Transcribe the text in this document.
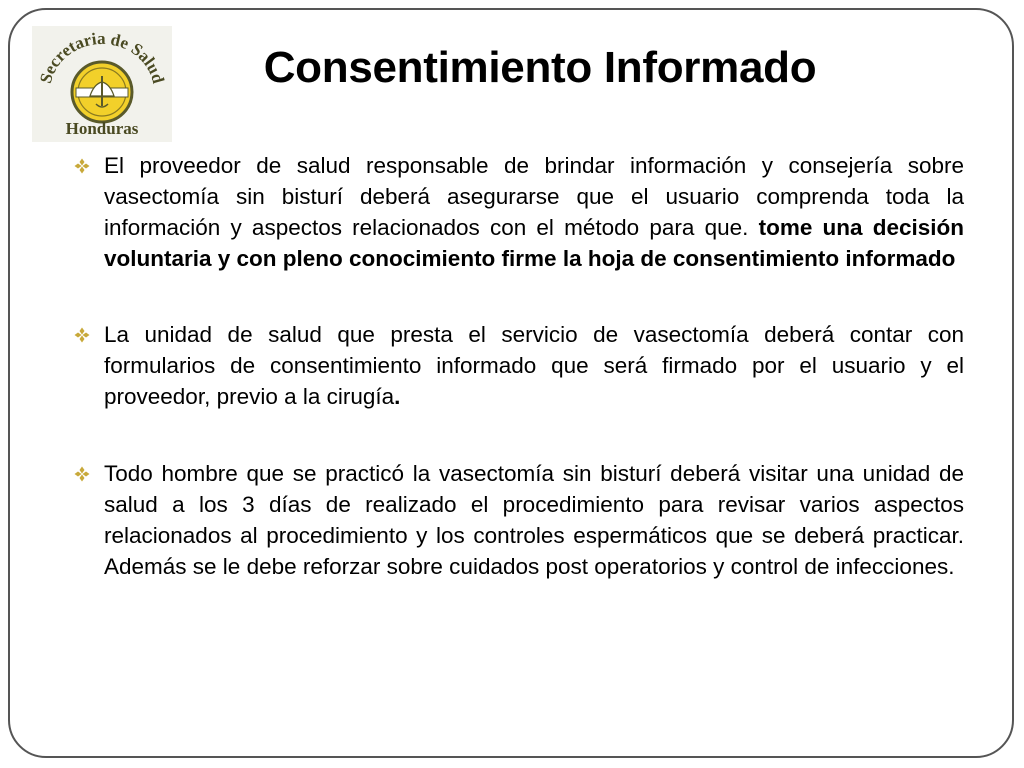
Secretaria de Salud
Honduras
Consentimiento Informado
El proveedor de salud responsable de brindar información y consejería sobre vasectomía sin bisturí deberá asegurarse que el usuario comprenda toda la información y aspectos relacionados con el método para que. tome una decisión voluntaria y con pleno conocimiento firme la hoja de consentimiento informado
La unidad de salud que presta el servicio de vasectomía deberá contar con formularios de consentimiento informado que será firmado por el usuario y el proveedor, previo a la cirugía.
Todo hombre que se practicó la vasectomía sin bisturí deberá visitar una unidad de salud a los 3 días de realizado el procedimiento para revisar varios aspectos relacionados al procedimiento y los controles espermáticos que se deberá practicar. Además se le debe reforzar sobre cuidados post operatorios y control de infecciones.
